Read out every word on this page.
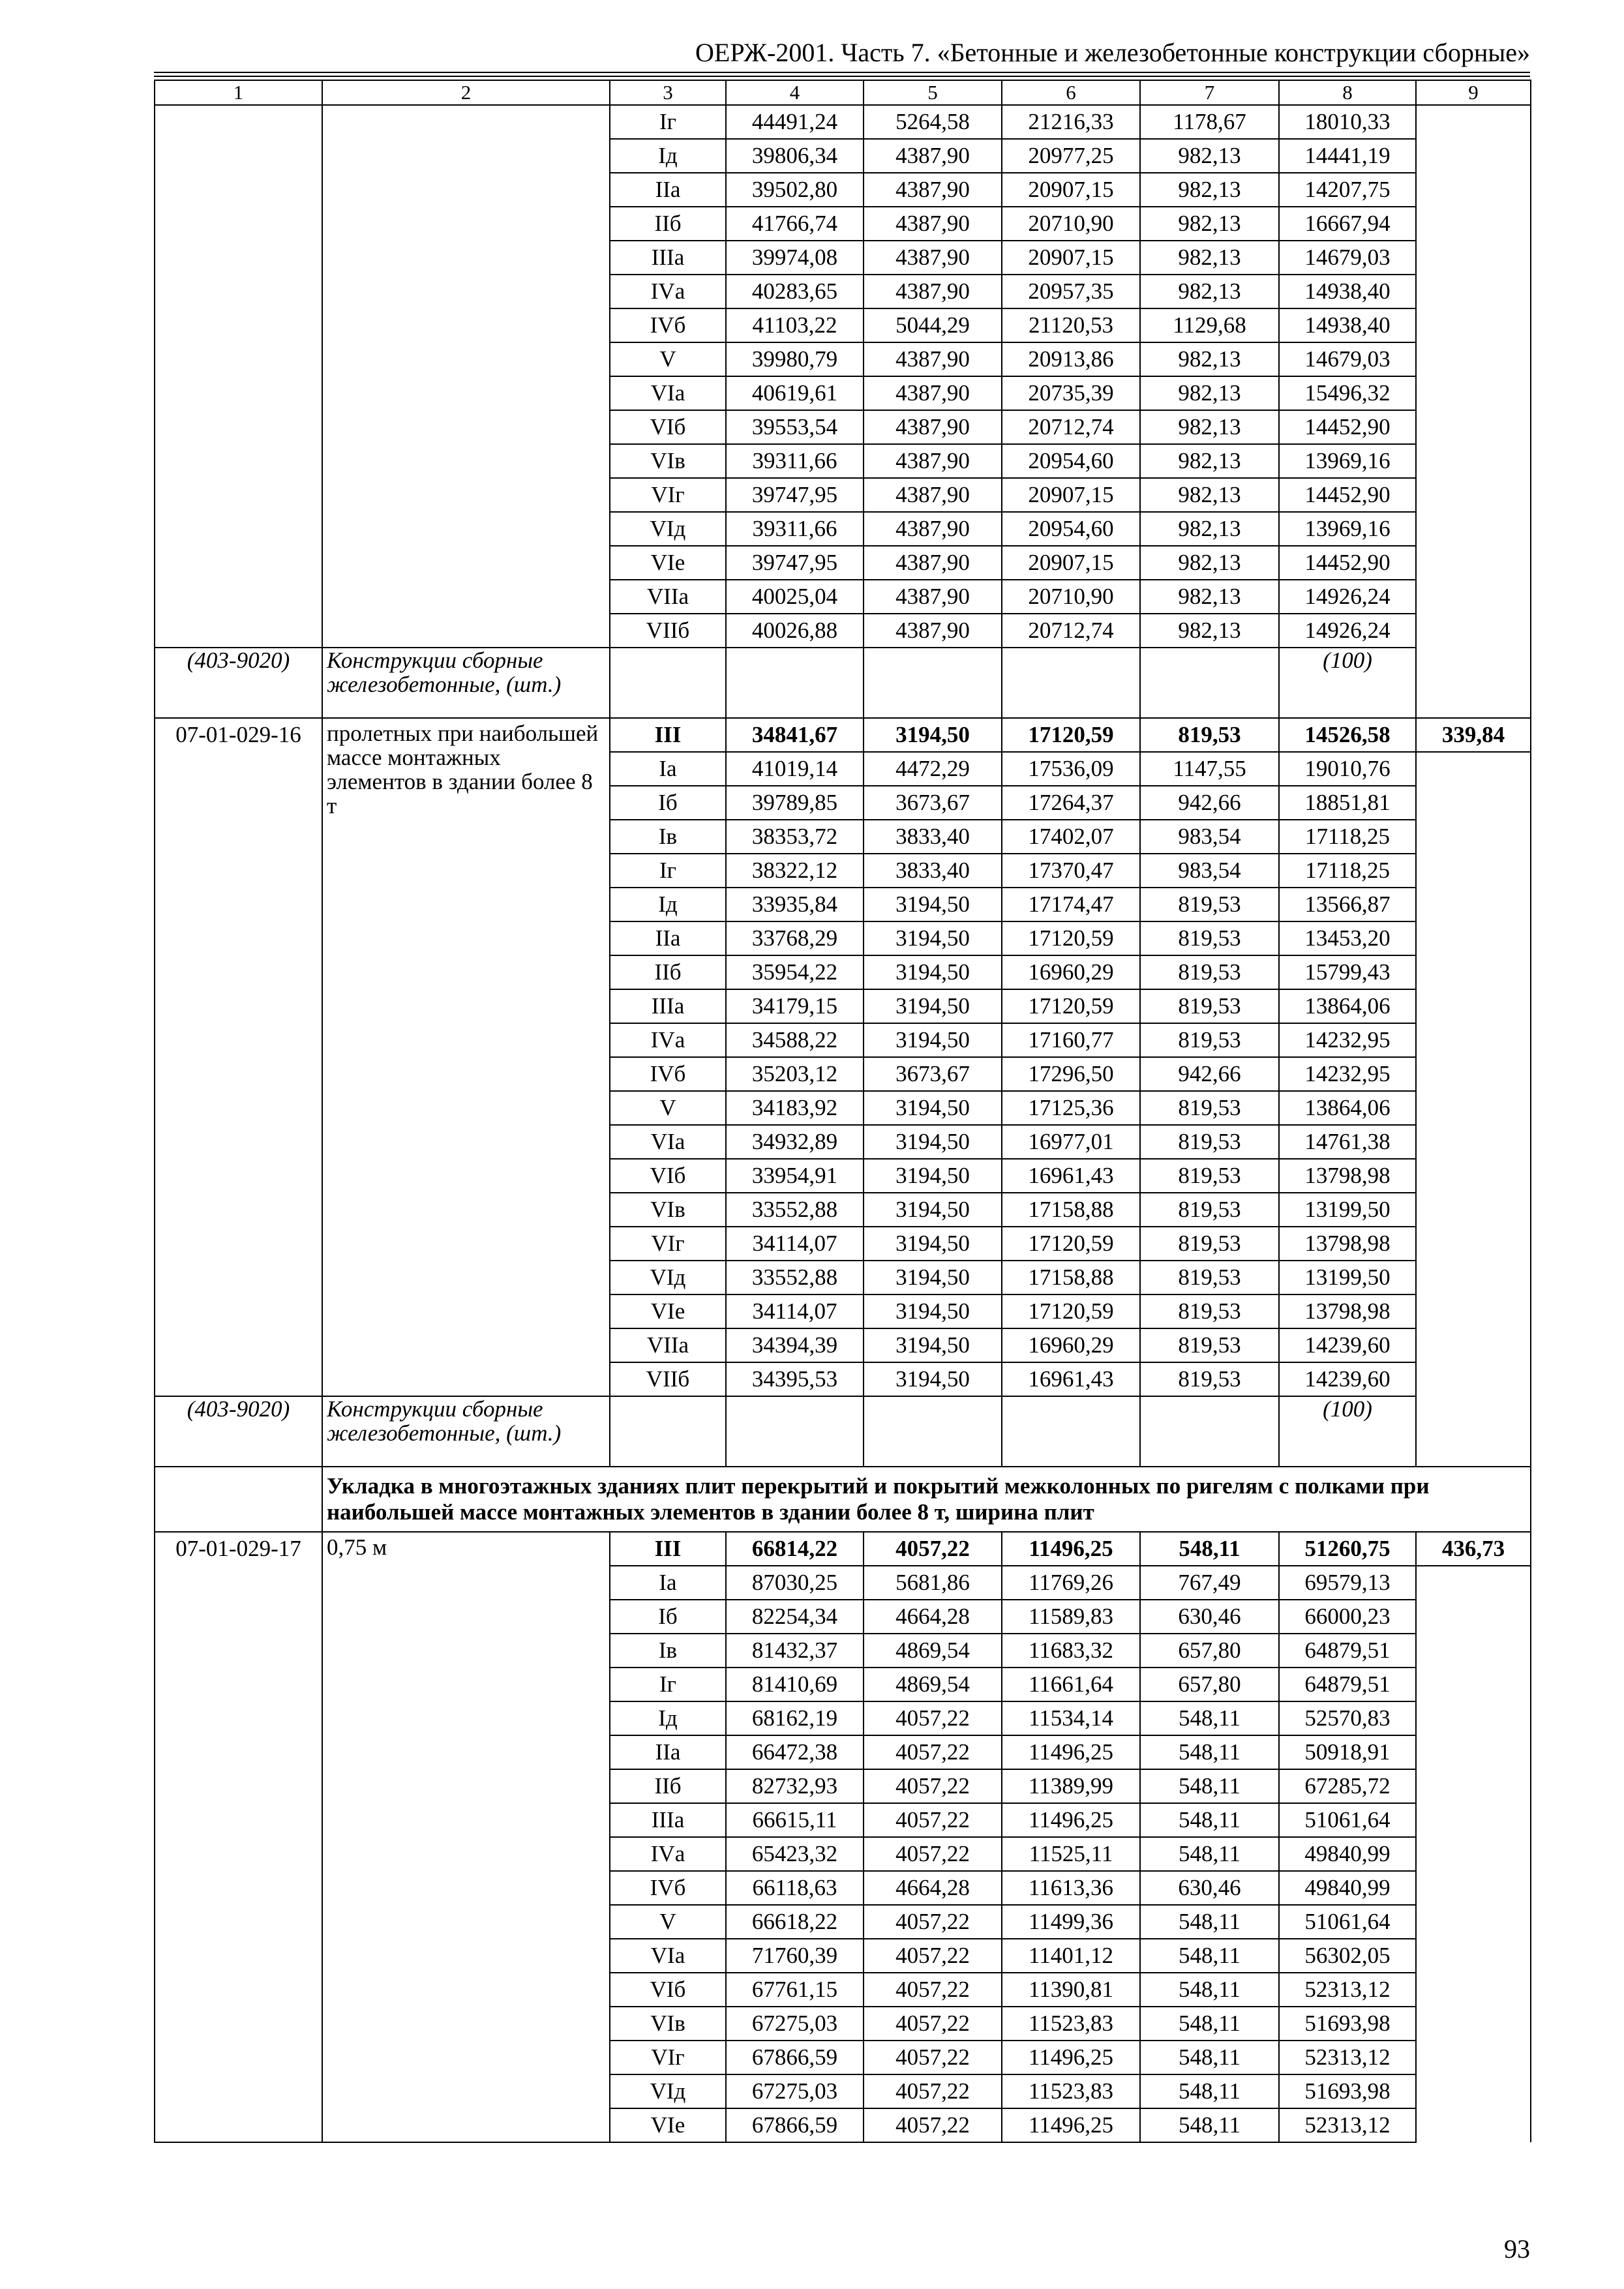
ОЕРЖ-2001. Часть 7. «Бетонные и железобетонные конструкции сборные»
1	2	3	4	5	6	7	8	9
		Iг	44491,24	5264,58	21216,33	1178,67	18010,33	
		Iд	39806,34	4387,90	20977,25	982,13	14441,19	
		IIа	39502,80	4387,90	20907,15	982,13	14207,75	
		IIб	41766,74	4387,90	20710,90	982,13	16667,94	
		IIIа	39974,08	4387,90	20907,15	982,13	14679,03	
		IVа	40283,65	4387,90	20957,35	982,13	14938,40	
		IVб	41103,22	5044,29	21120,53	1129,68	14938,40	
		V	39980,79	4387,90	20913,86	982,13	14679,03	
		VIа	40619,61	4387,90	20735,39	982,13	15496,32	
		VIб	39553,54	4387,90	20712,74	982,13	14452,90	
		VIв	39311,66	4387,90	20954,60	982,13	13969,16	
		VIг	39747,95	4387,90	20907,15	982,13	14452,90	
		VIд	39311,66	4387,90	20954,60	982,13	13969,16	
		VIе	39747,95	4387,90	20907,15	982,13	14452,90	
		VIIа	40025,04	4387,90	20710,90	982,13	14926,24	
		VIIб	40026,88	4387,90	20712,74	982,13	14926,24	
(403-9020)	Конструкции сборные железобетонные, (шт.)						(100)	
07-01-029-16	пролетных при наибольшей массе монтажных элементов в здании более 8 т	III	34841,67	3194,50	17120,59	819,53	14526,58	339,84
		Iа	41019,14	4472,29	17536,09	1147,55	19010,76	
		Iб	39789,85	3673,67	17264,37	942,66	18851,81	
		Iв	38353,72	3833,40	17402,07	983,54	17118,25	
		Iг	38322,12	3833,40	17370,47	983,54	17118,25	
		Iд	33935,84	3194,50	17174,47	819,53	13566,87	
		IIа	33768,29	3194,50	17120,59	819,53	13453,20	
		IIб	35954,22	3194,50	16960,29	819,53	15799,43	
		IIIа	34179,15	3194,50	17120,59	819,53	13864,06	
		IVа	34588,22	3194,50	17160,77	819,53	14232,95	
		IVб	35203,12	3673,67	17296,50	942,66	14232,95	
		V	34183,92	3194,50	17125,36	819,53	13864,06	
		VIа	34932,89	3194,50	16977,01	819,53	14761,38	
		VIб	33954,91	3194,50	16961,43	819,53	13798,98	
		VIв	33552,88	3194,50	17158,88	819,53	13199,50	
		VIг	34114,07	3194,50	17120,59	819,53	13798,98	
		VIд	33552,88	3194,50	17158,88	819,53	13199,50	
		VIе	34114,07	3194,50	17120,59	819,53	13798,98	
		VIIа	34394,39	3194,50	16960,29	819,53	14239,60	
		VIIб	34395,53	3194,50	16961,43	819,53	14239,60	
(403-9020)	Конструкции сборные железобетонные, (шт.)						(100)	
	Укладка в многоэтажных зданиях плит перекрытий и покрытий межколонных по ригелям с полками при наибольшей массе монтажных элементов в здании более 8 т, ширина плит							
07-01-029-17	0,75 м	III	66814,22	4057,22	11496,25	548,11	51260,75	436,73
		Iа	87030,25	5681,86	11769,26	767,49	69579,13	
		Iб	82254,34	4664,28	11589,83	630,46	66000,23	
		Iв	81432,37	4869,54	11683,32	657,80	64879,51	
		Iг	81410,69	4869,54	11661,64	657,80	64879,51	
		Iд	68162,19	4057,22	11534,14	548,11	52570,83	
		IIа	66472,38	4057,22	11496,25	548,11	50918,91	
		IIб	82732,93	4057,22	11389,99	548,11	67285,72	
		IIIа	66615,11	4057,22	11496,25	548,11	51061,64	
		IVа	65423,32	4057,22	11525,11	548,11	49840,99	
		IVб	66118,63	4664,28	11613,36	630,46	49840,99	
		V	66618,22	4057,22	11499,36	548,11	51061,64	
		VIа	71760,39	4057,22	11401,12	548,11	56302,05	
		VIб	67761,15	4057,22	11390,81	548,11	52313,12	
		VIв	67275,03	4057,22	11523,83	548,11	51693,98	
		VIг	67866,59	4057,22	11496,25	548,11	52313,12	
		VIд	67275,03	4057,22	11523,83	548,11	51693,98	
		VIе	67866,59	4057,22	11496,25	548,11	52313,12	
93
